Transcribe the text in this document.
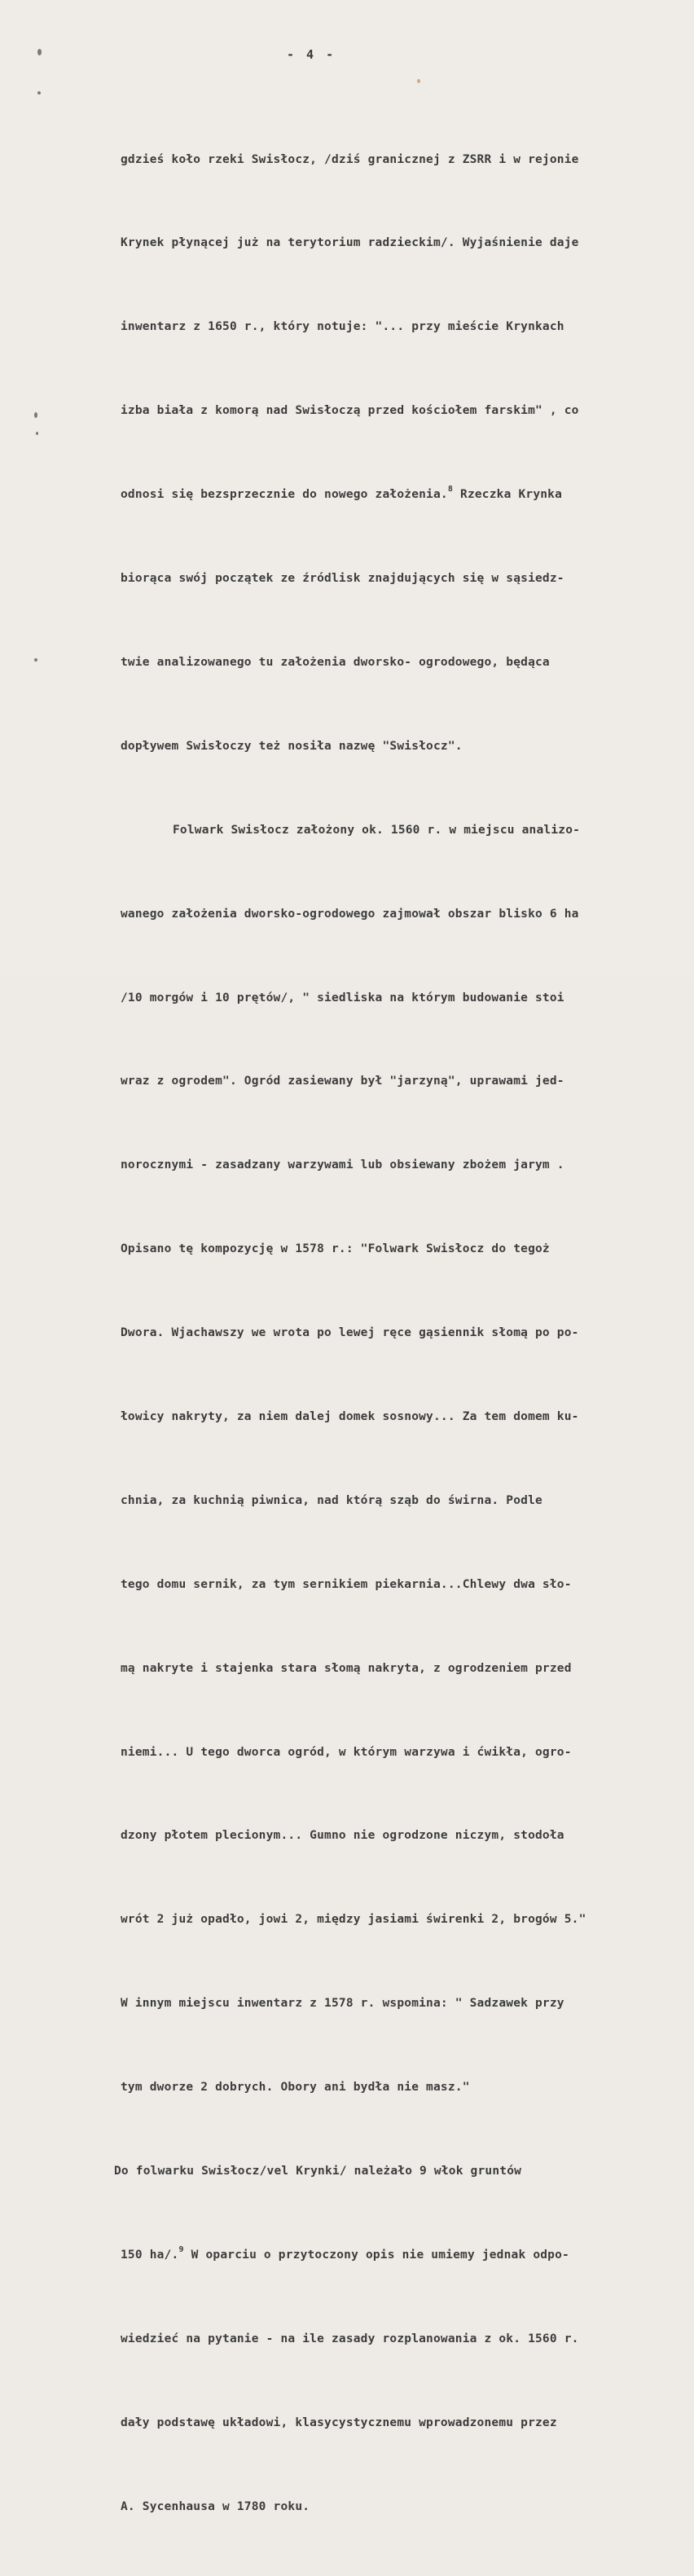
- 4 -

gdzieś koło rzeki Swisłocz, /dziś granicznej z ZSRR i w rejonie

Krynek płynącej już na terytorium radzieckim/. Wyjaśnienie daje

inwentarz z 1650 r., który notuje: "... przy mieście Krynkach

izba biała z komorą nad Swisłoczą przed kościołem farskim" , co

odnosi się bezsprzecznie do nowego założenia.$^8$ Rzeczka Krynka

biorąca swój początek ze źródlisk znajdujących się w sąsiedz-

twie analizowanego tu założenia dworsko- ogrodowego, będąca

dopływem Swisłoczy też nosiła nazwę "Swisłocz".

Folwark Swisłocz założony ok. 1560 r. w miejscu analizo-

wanego założenia dworsko-ogrodowego zajmował obszar blisko 6 ha

/10 morgów i 10 prętów/, " siedliska na którym budowanie stoi

wraz z ogrodem". Ogród zasiewany był "jarzyną", uprawami jed-

norocznymi - zasadzany warzywami lub obsiewany zbożem jarym .

Opisano tę kompozycję w 1578 r.: "Folwark Swisłocz do tegoż

Dwora. Wjachawszy we wrota po lewej ręce gąsiennik słomą po po-

łowicy nakryty, za niem dalej domek sosnowy... Za tem domem ku-

chnia, za kuchnią piwnica, nad którą sząb do świrna. Podle

tego domu sernik, za tym sernikiem piekarnia...Chlewy dwa sło-

mą nakryte i stajenka stara słomą nakryta, z ogrodzeniem przed

niemi... U tego dworca ogród, w którym warzywa i ćwikła, ogro-

dzony płotem plecionym... Gumno nie ogrodzone niczym, stodoła

wrót 2 już opadło, jowi 2, między jasiami świrenki 2, brogów 5."

W innym miejscu inwentarz z 1578 r. wspomina: " Sadzawek przy

tym dworze 2 dobrych. Obory ani bydła nie masz."

Do folwarku Swisłocz/vel Krynki/ należało 9 włok gruntów

150 ha/.$^9$ W oparciu o przytoczony opis nie umiemy jednak odpo-

wiedzieć na pytanie - na ile zasady rozplanowania z ok. 1560 r.

dały podstawę układowi, klasycystycznemu wprowadzonemu przez

A. Sycenhausa w 1780 roku.
